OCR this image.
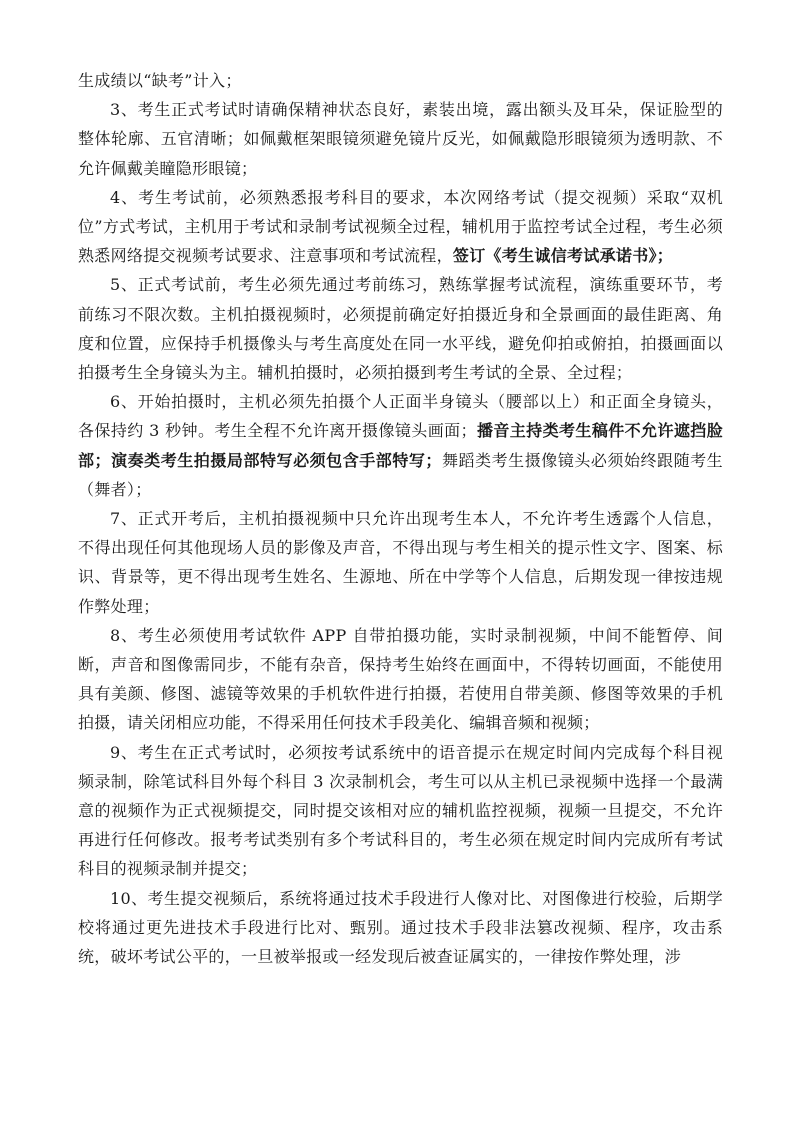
生成绩以“缺考”计入；

3、考生正式考试时请确保精神状态良好，素装出境，露出额头及耳朵，保证脸型的整体轮廓、五官清晰；如佩戴框架眼镜须避免镜片反光，如佩戴隐形眼镜须为透明款、不允许佩戴美瞳隐形眼镜；

4、考生考试前，必须熟悉报考科目的要求，本次网络考试（提交视频）采取“双机位”方式考试，主机用于考试和录制考试视频全过程，辅机用于监控考试全过程，考生必须熟悉网络提交视频考试要求、注意事项和考试流程，签订《考生诚信考试承诺书》；

5、正式考试前，考生必须先通过考前练习，熟练掌握考试流程，演练重要环节，考前练习不限次数。主机拍摄视频时，必须提前确定好拍摄近身和全景画面的最佳距离、角度和位置，应保持手机摄像头与考生高度处在同一水平线，避免仰拍或俯拍，拍摄画面以拍摄考生全身镜头为主。辅机拍摄时，必须拍摄到考生考试的全景、全过程；

6、开始拍摄时，主机必须先拍摄个人正面半身镜头（腰部以上）和正面全身镜头，各保持约 3 秒钟。考生全程不允许离开摄像镜头画面；播音主持类考生稿件不允许遮挡脸部；演奏类考生拍摄局部特写必须包含手部特写；舞蹈类考生摄像镜头必须始终跟随考生（舞者）；

7、正式开考后，主机拍摄视频中只允许出现考生本人，不允许考生透露个人信息，不得出现任何其他现场人员的影像及声音，不得出现与考生相关的提示性文字、图案、标识、背景等，更不得出现考生姓名、生源地、所在中学等个人信息，后期发现一律按违规作弊处理；

8、考生必须使用考试软件 APP 自带拍摄功能，实时录制视频，中间不能暂停、间断，声音和图像需同步，不能有杂音，保持考生始终在画面中，不得转切画面，不能使用具有美颜、修图、滤镜等效果的手机软件进行拍摄，若使用自带美颜、修图等效果的手机拍摄，请关闭相应功能，不得采用任何技术手段美化、编辑音频和视频；

9、考生在正式考试时，必须按考试系统中的语音提示在规定时间内完成每个科目视频录制，除笔试科目外每个科目 3 次录制机会，考生可以从主机已录视频中选择一个最满意的视频作为正式视频提交，同时提交该相对应的辅机监控视频，视频一旦提交，不允许再进行任何修改。报考考试类别有多个考试科目的，考生必须在规定时间内完成所有考试科目的视频录制并提交；

10、考生提交视频后，系统将通过技术手段进行人像对比、对图像进行校验，后期学校将通过更先进技术手段进行比对、甄别。通过技术手段非法篡改视频、程序，攻击系统，破坏考试公平的，一旦被举报或一经发现后被查证属实的，一律按作弊处理，涉
